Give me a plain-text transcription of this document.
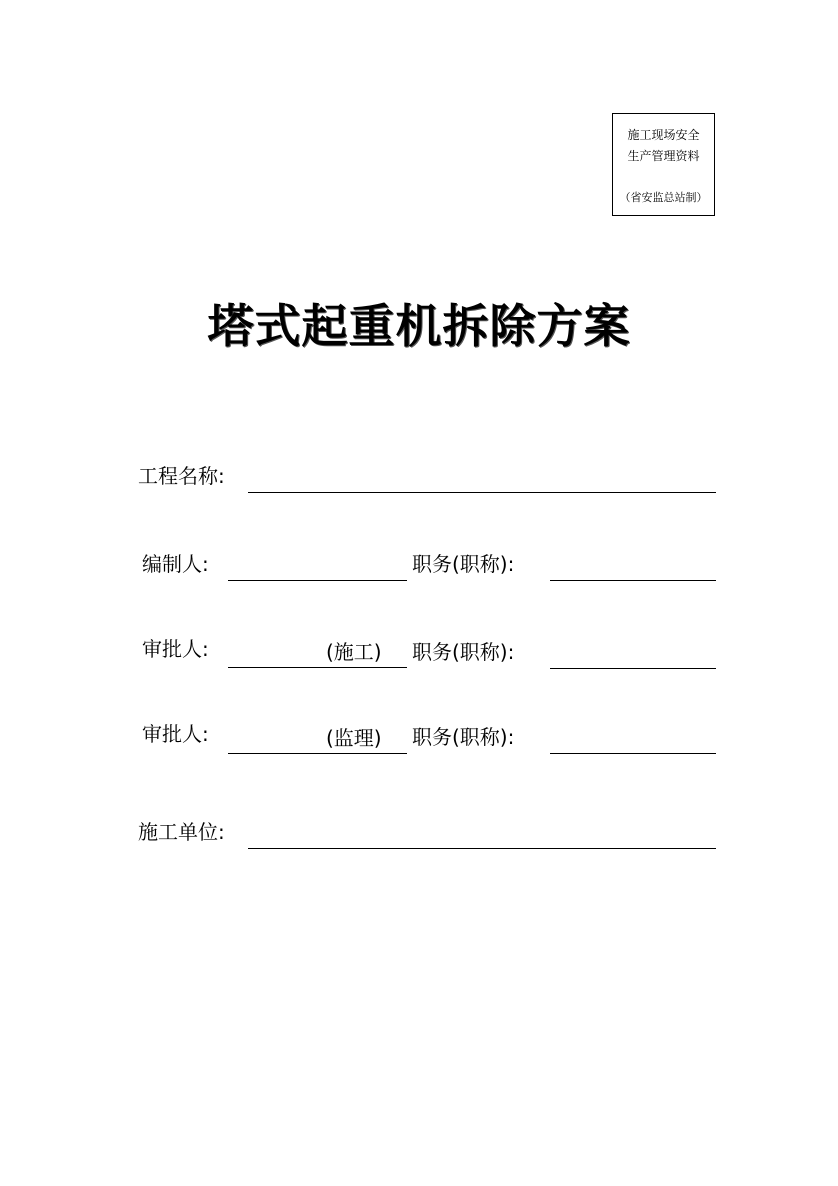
施工现场安全
生产管理资料
（省安监总站制）
塔式起重机拆除方案
工程名称:
编制人:	职务(职称):
审批人:	(施工) 职务(职称):
审批人:	(监理) 职务(职称):
施工单位:
